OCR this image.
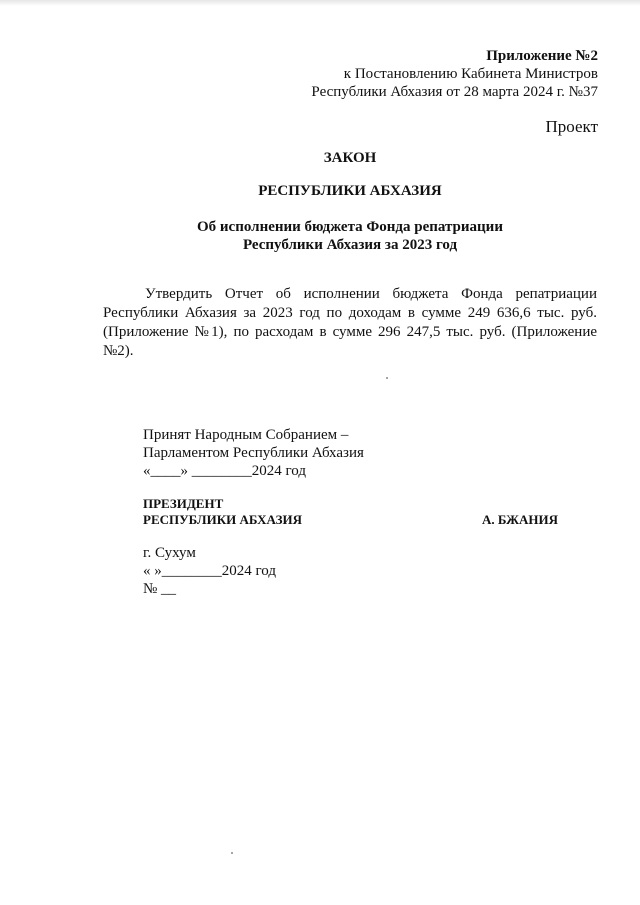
Приложение №2
к Постановлению Кабинета Министров
Республики Абхазия от 28 марта 2024 г. №37
Проект
ЗАКОН
РЕСПУБЛИКИ АБХАЗИЯ
Об исполнении бюджета Фонда репатриации
Республики Абхазия за 2023 год
Утвердить Отчет об исполнении бюджета Фонда репатриации Республики Абхазия за 2023 год по доходам в сумме 249 636,6 тыс. руб. (Приложение №1), по расходам в сумме 296 247,5 тыс. руб. (Приложение №2).
Принят Народным Собранием –
Парламентом Республики Абхазия
«____» ________2024 год
ПРЕЗИДЕНТ
РЕСПУБЛИКИ АБХАЗИЯ	А. БЖАНИЯ
г. Сухум
« »________2024 год
№ __
